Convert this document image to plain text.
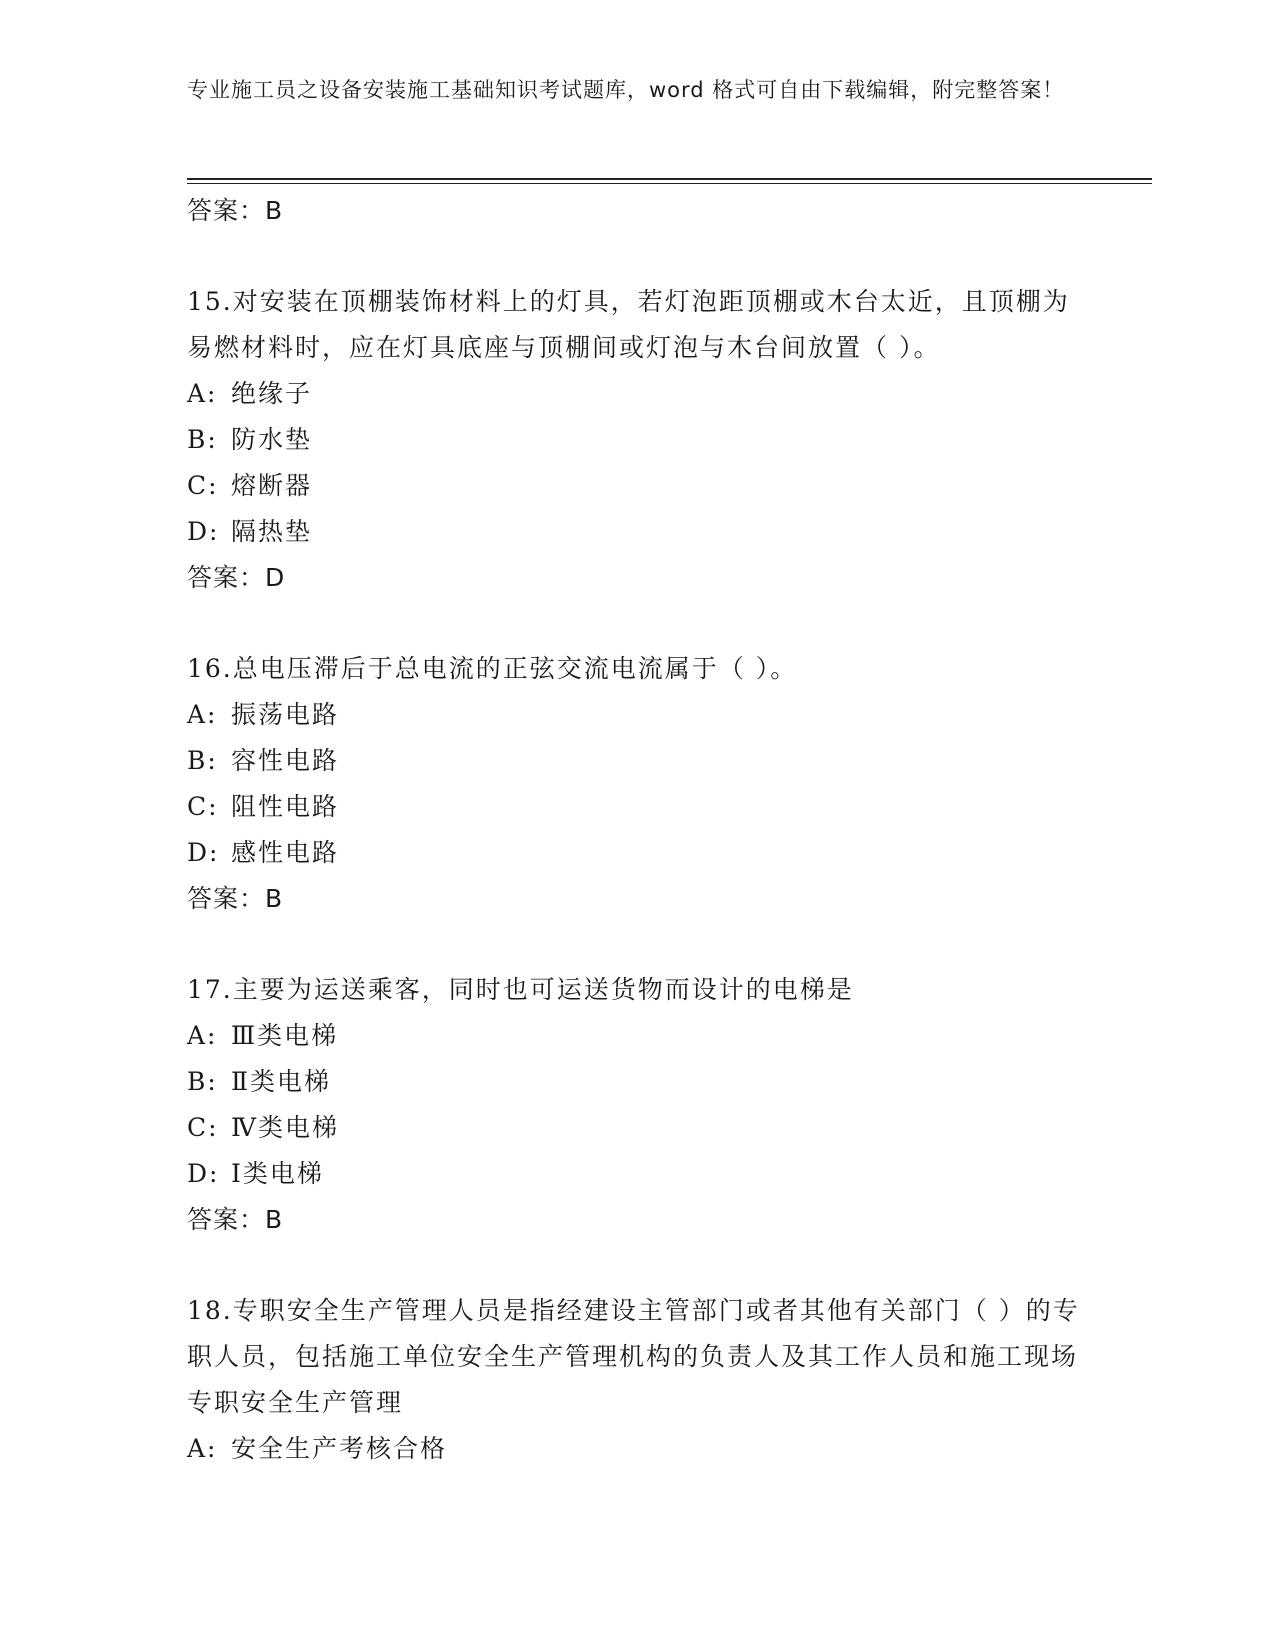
专业施工员之设备安装施工基础知识考试题库，word 格式可自由下载编辑，附完整答案！
答案：B
15.对安装在顶棚装饰材料上的灯具，若灯泡距顶棚或木台太近，且顶棚为易燃材料时，应在灯具底座与顶棚间或灯泡与木台间放置（ ）。
A: 绝缘子
B: 防水垫
C: 熔断器
D: 隔热垫
答案：D
16.总电压滞后于总电流的正弦交流电流属于（ ）。
A: 振荡电路
B: 容性电路
C: 阻性电路
D: 感性电路
答案：B
17.主要为运送乘客，同时也可运送货物而设计的电梯是
A: Ⅲ类电梯
B: Ⅱ类电梯
C: Ⅳ类电梯
D: Ⅰ类电梯
答案：B
18.专职安全生产管理人员是指经建设主管部门或者其他有关部门（ ）的专职人员，包括施工单位安全生产管理机构的负责人及其工作人员和施工现场专职安全生产管理
A: 安全生产考核合格
